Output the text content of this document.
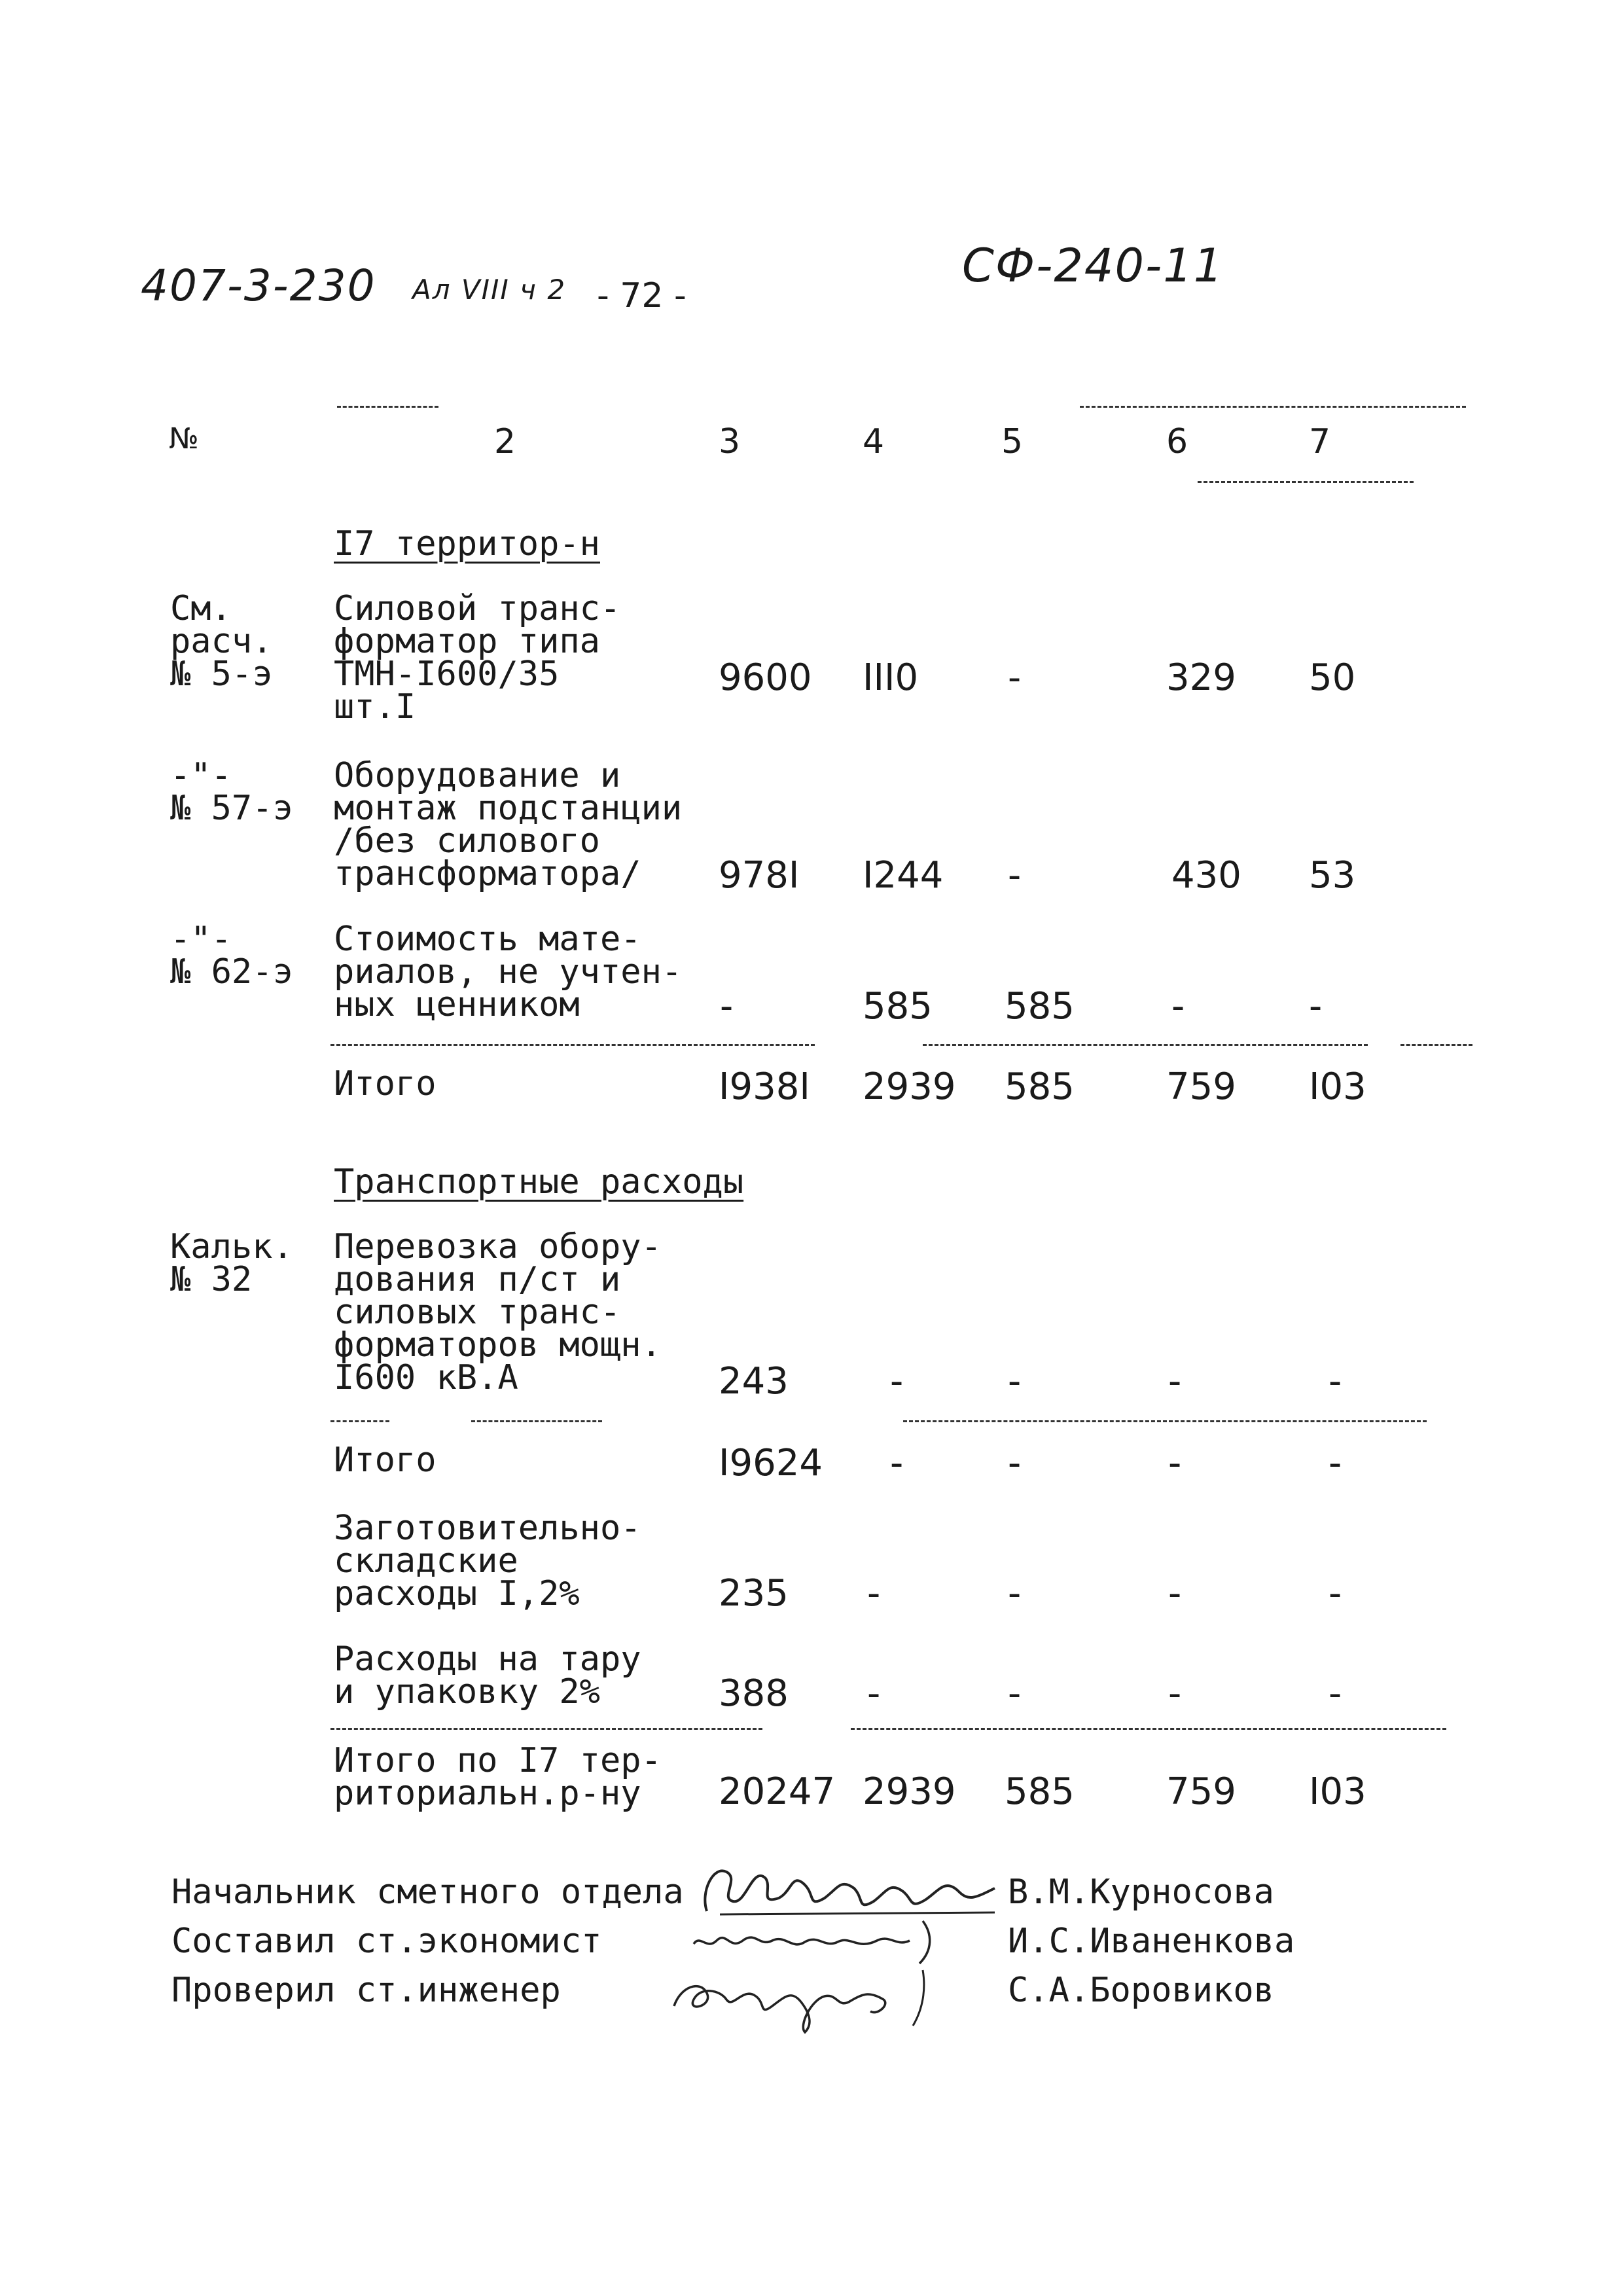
407-3-230 Ал VIII ч 2 - 72 -
СФ-240-11
№	2	3	4	5	6	7
I7 территор-н
См.
расч.
№ 5-э
Силовой транс-
форматор типа
ТМН-I600/35
шт.I
9600 III0 -	329 50
-"-
№ 57-э
Оборудование и
монтаж подстанции
/без силового
трансформатора/	978I I244 -	430 53
-"-
№ 62-э
Стоимость мате-
риалов, не учтен-
ных ценником	-	585 585	-	-
Итого	I938I 2939 585	759 I03
Транспортные расходы
Кальк.
№ 32
Перевозка обору-
дования п/ст и
силовых транс-
форматоров мощн.
I600 кВ.А	243	-	-	-	-
Итого	I9624 -	-	-	-
Заготовительно-
складские
расходы I,2%	235 -	-	-	-
Расходы на тару
и упаковку 2%	388 -	-	-	-
Итого по I7 тер-
риториальн.р-ну	20247 2939 585	759 I03
Начальник сметного отдела	В.М.Курносова
Составил ст.экономист	И.С.Иваненкова
Проверил ст.инженер	С.А.Боровиков
